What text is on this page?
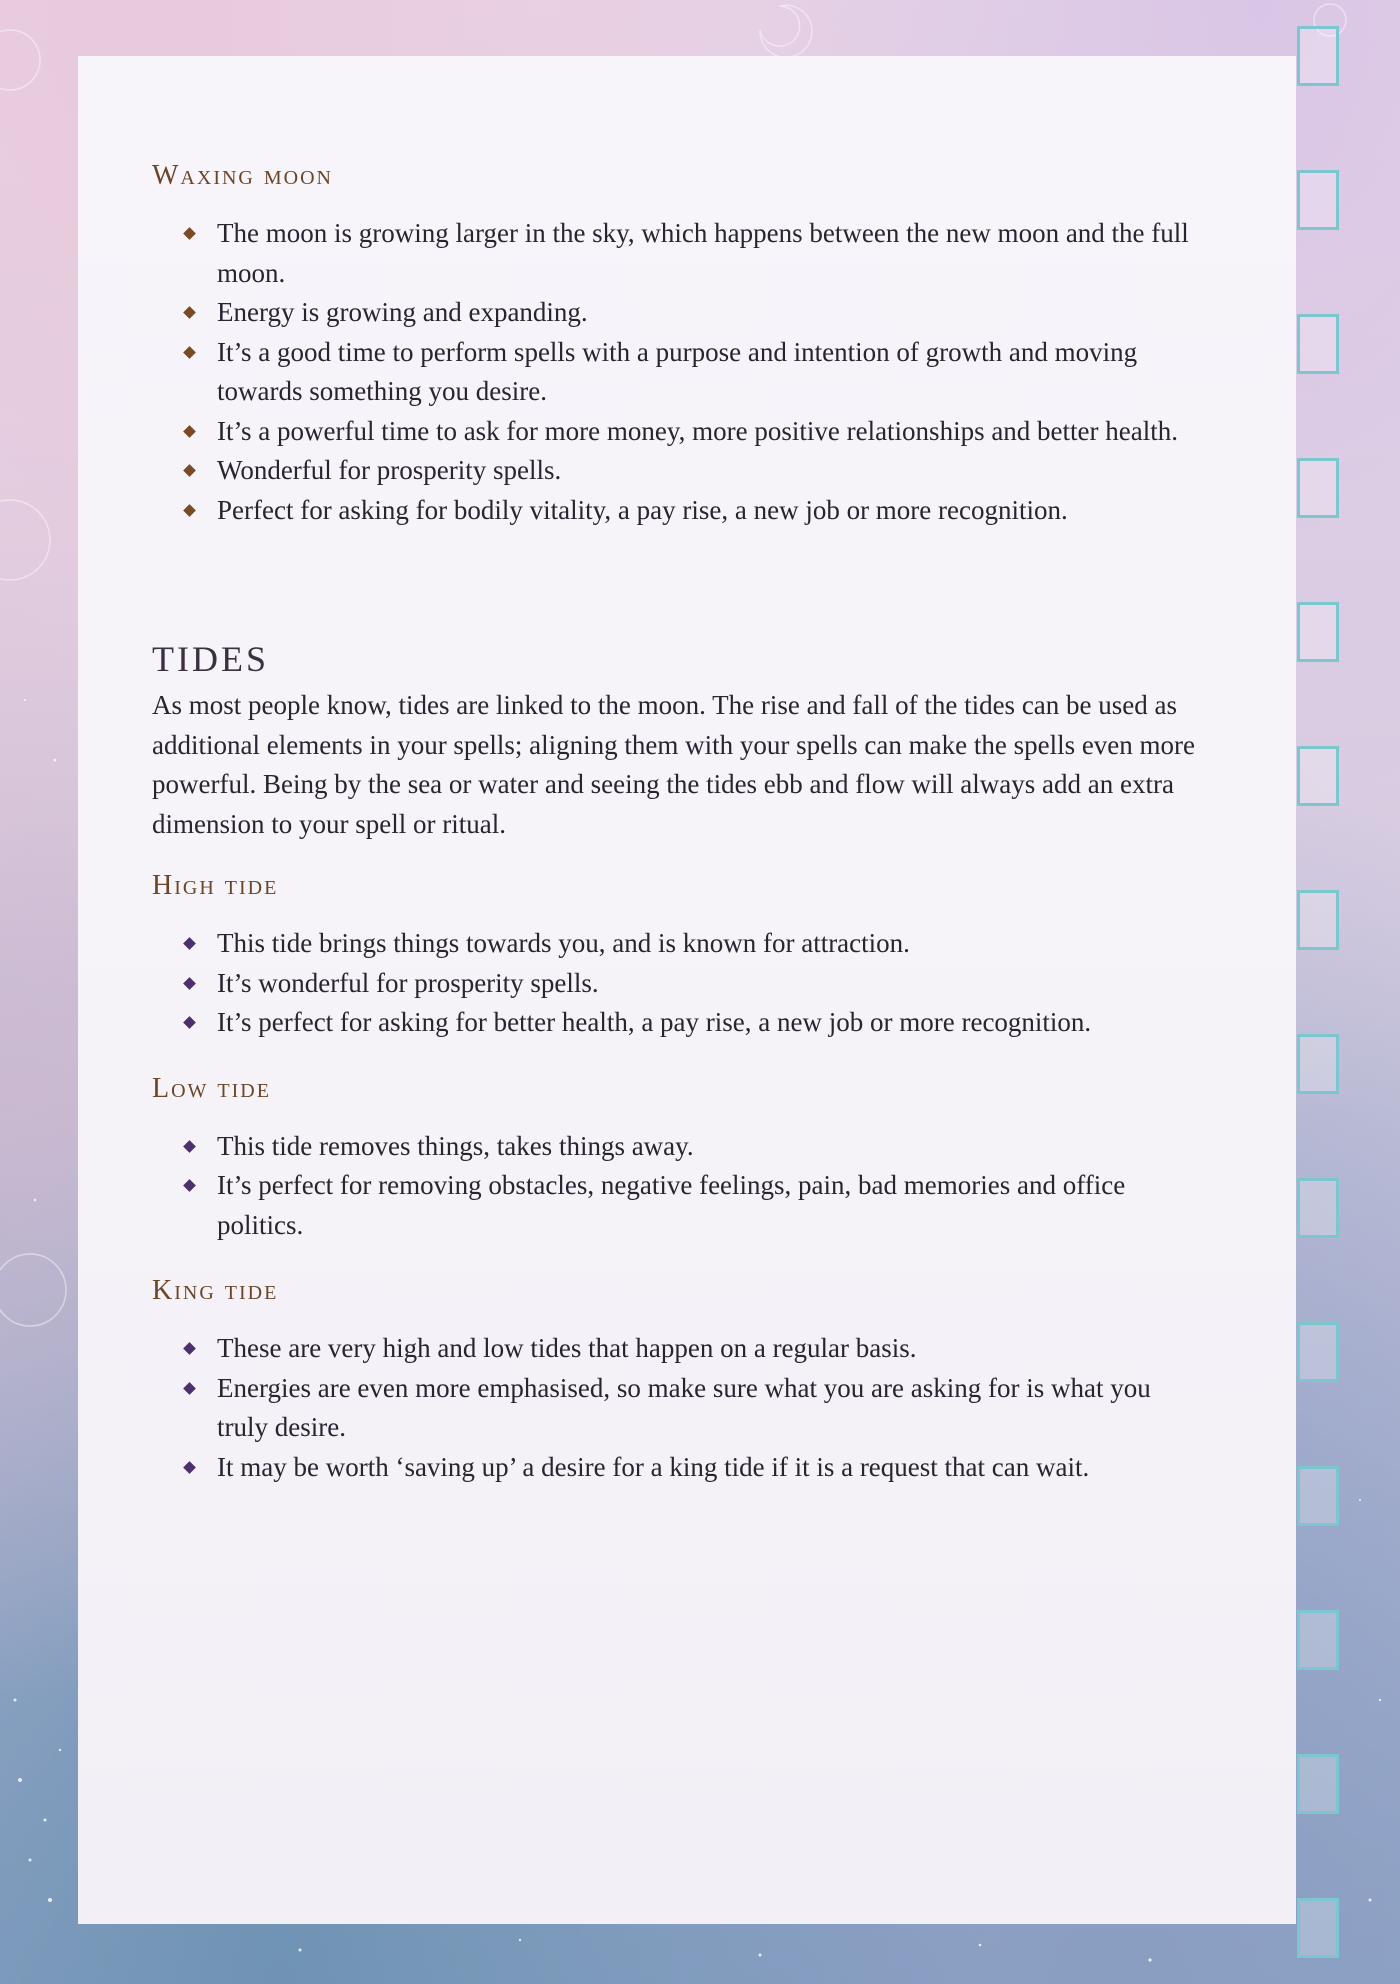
Waxing moon
The moon is growing larger in the sky, which happens between the new moon and the full moon.
Energy is growing and expanding.
It’s a good time to perform spells with a purpose and intention of growth and moving towards something you desire.
It’s a powerful time to ask for more money, more positive relationships and better health.
Wonderful for prosperity spells.
Perfect for asking for bodily vitality, a pay rise, a new job or more recognition.
TIDES

As most people know, tides are linked to the moon. The rise and fall of the tides can be used as additional elements in your spells; aligning them with your spells can make the spells even more powerful. Being by the sea or water and seeing the tides ebb and flow will always add an extra dimension to your spell or ritual.

High tide
This tide brings things towards you, and is known for attraction.
It’s wonderful for prosperity spells.
It’s perfect for asking for better health, a pay rise, a new job or more recognition.
Low tide
This tide removes things, takes things away.
It’s perfect for removing obstacles, negative feelings, pain, bad memories and office politics.
King tide
These are very high and low tides that happen on a regular basis.
Energies are even more emphasised, so make sure what you are asking for is what you truly desire.
It may be worth ‘saving up’ a desire for a king tide if it is a request that can wait.
